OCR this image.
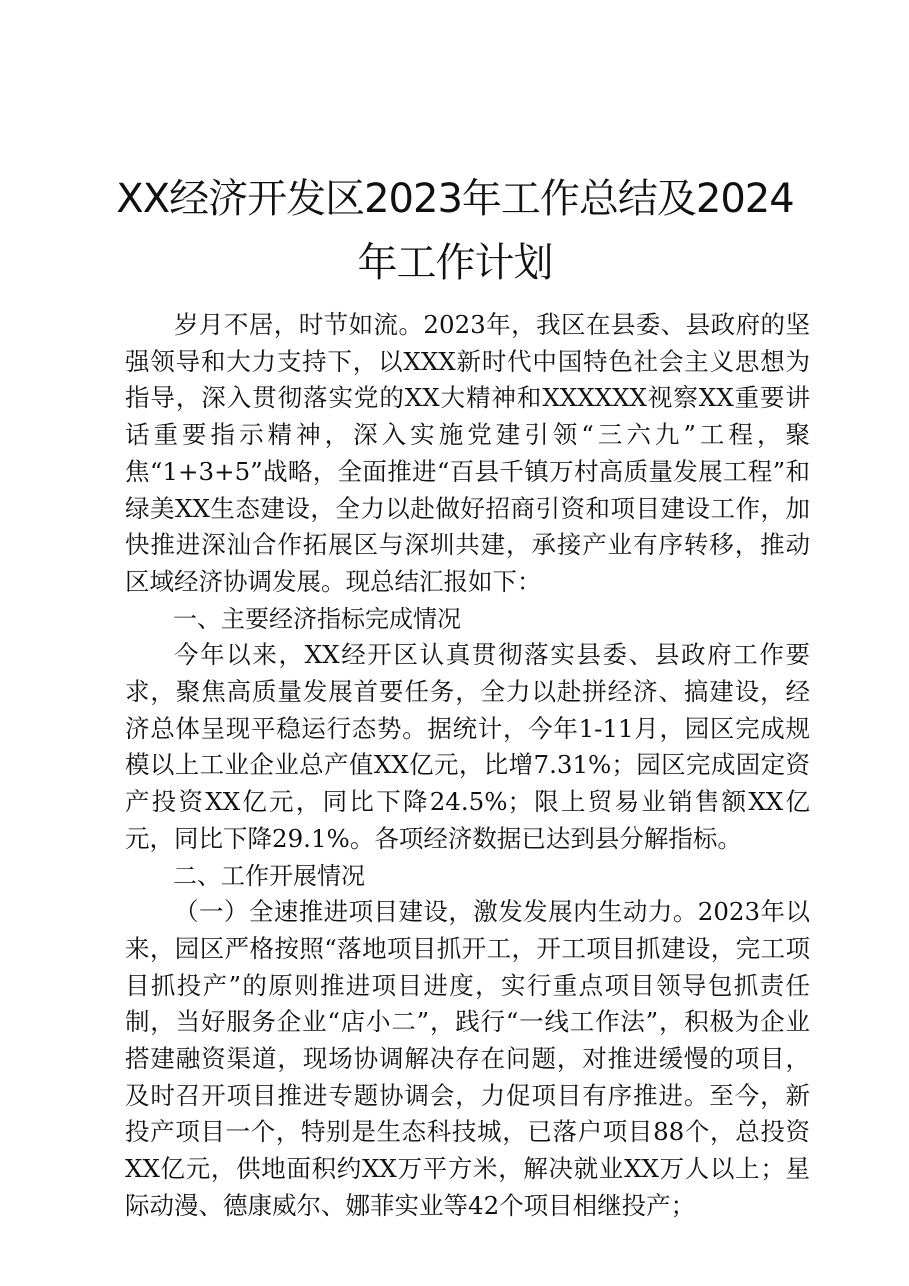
XX经济开发区2023年工作总结及2024年工作计划

岁月不居，时节如流。2023年，我区在县委、县政府的坚强领导和大力支持下，以XXX新时代中国特色社会主义思想为指导，深入贯彻落实党的XX大精神和XXXXXX视察XX重要讲话重要指示精神，深入实施党建引领“三六九”工程，聚焦“1+3+5”战略，全面推进“百县千镇万村高质量发展工程”和绿美XX生态建设，全力以赴做好招商引资和项目建设工作，加快推进深汕合作拓展区与深圳共建，承接产业有序转移，推动区域经济协调发展。现总结汇报如下：

一、主要经济指标完成情况

今年以来，XX经开区认真贯彻落实县委、县政府工作要求，聚焦高质量发展首要任务，全力以赴拼经济、搞建设，经济总体呈现平稳运行态势。据统计，今年1-11月，园区完成规模以上工业企业总产值XX亿元，比增7.31%；园区完成固定资产投资XX亿元，同比下降24.5%；限上贸易业销售额XX亿元，同比下降29.1%。各项经济数据已达到县分解指标。

二、工作开展情况

（一）全速推进项目建设，激发发展内生动力。2023年以来，园区严格按照“落地项目抓开工，开工项目抓建设，完工项目抓投产”的原则推进项目进度，实行重点项目领导包抓责任制，当好服务企业“店小二”，践行“一线工作法”，积极为企业搭建融资渠道，现场协调解决存在问题，对推进缓慢的项目，及时召开项目推进专题协调会，力促项目有序推进。至今，新投产项目一个，特别是生态科技城，已落户项目88个，总投资XX亿元，供地面积约XX万平方米，解决就业XX万人以上；星际动漫、德康威尔、娜菲实业等42个项目相继投产；
